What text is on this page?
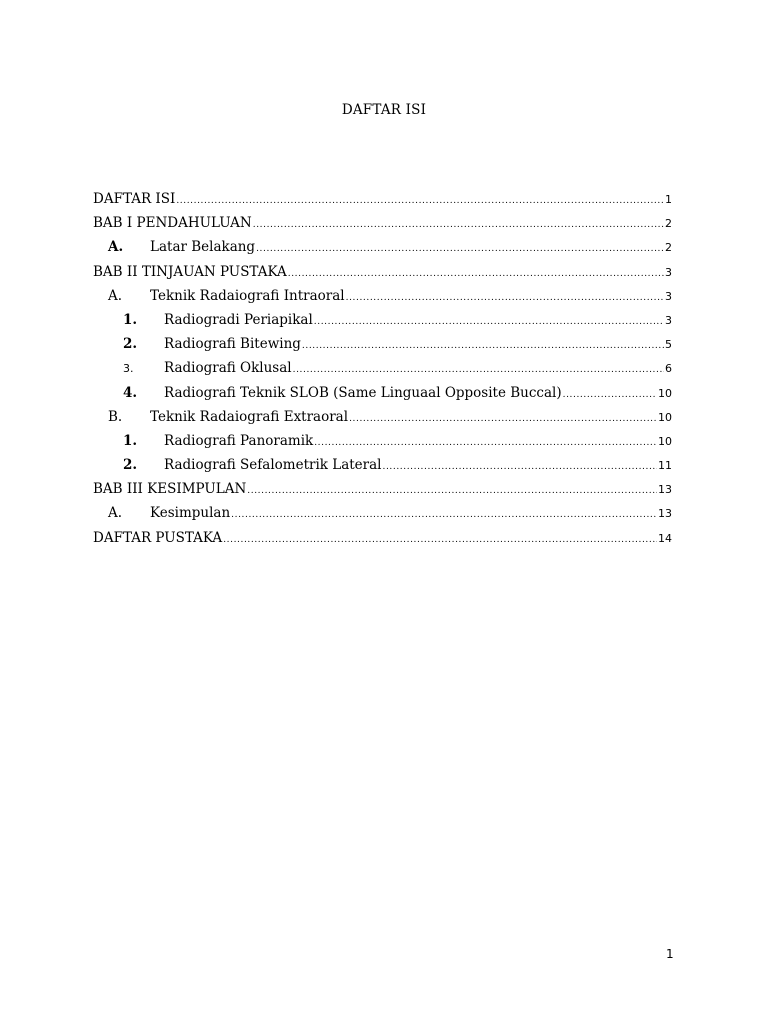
DAFTAR ISI
DAFTAR ISI .....	1
BAB I PENDAHULUAN .....	2
A.	Latar Belakang .....	2
BAB II TINJAUAN PUSTAKA .....	3
A.	Teknik Radaiografi Intraoral .....	3
1.	Radiogradi Periapikal .....	3
2.	Radiografi Bitewing .....	5
3.	Radiografi Oklusal .....	6
4.	Radiografi Teknik SLOB (Same Linguaal Opposite Buccal) .....	10
B.	Teknik Radaiografi Extraoral .....	10
1.	Radiografi Panoramik .....	10
2.	Radiografi Sefalometrik Lateral .....	11
BAB III KESIMPULAN .....	13
A.	Kesimpulan .....	13
DAFTAR PUSTAKA .....	14
1
